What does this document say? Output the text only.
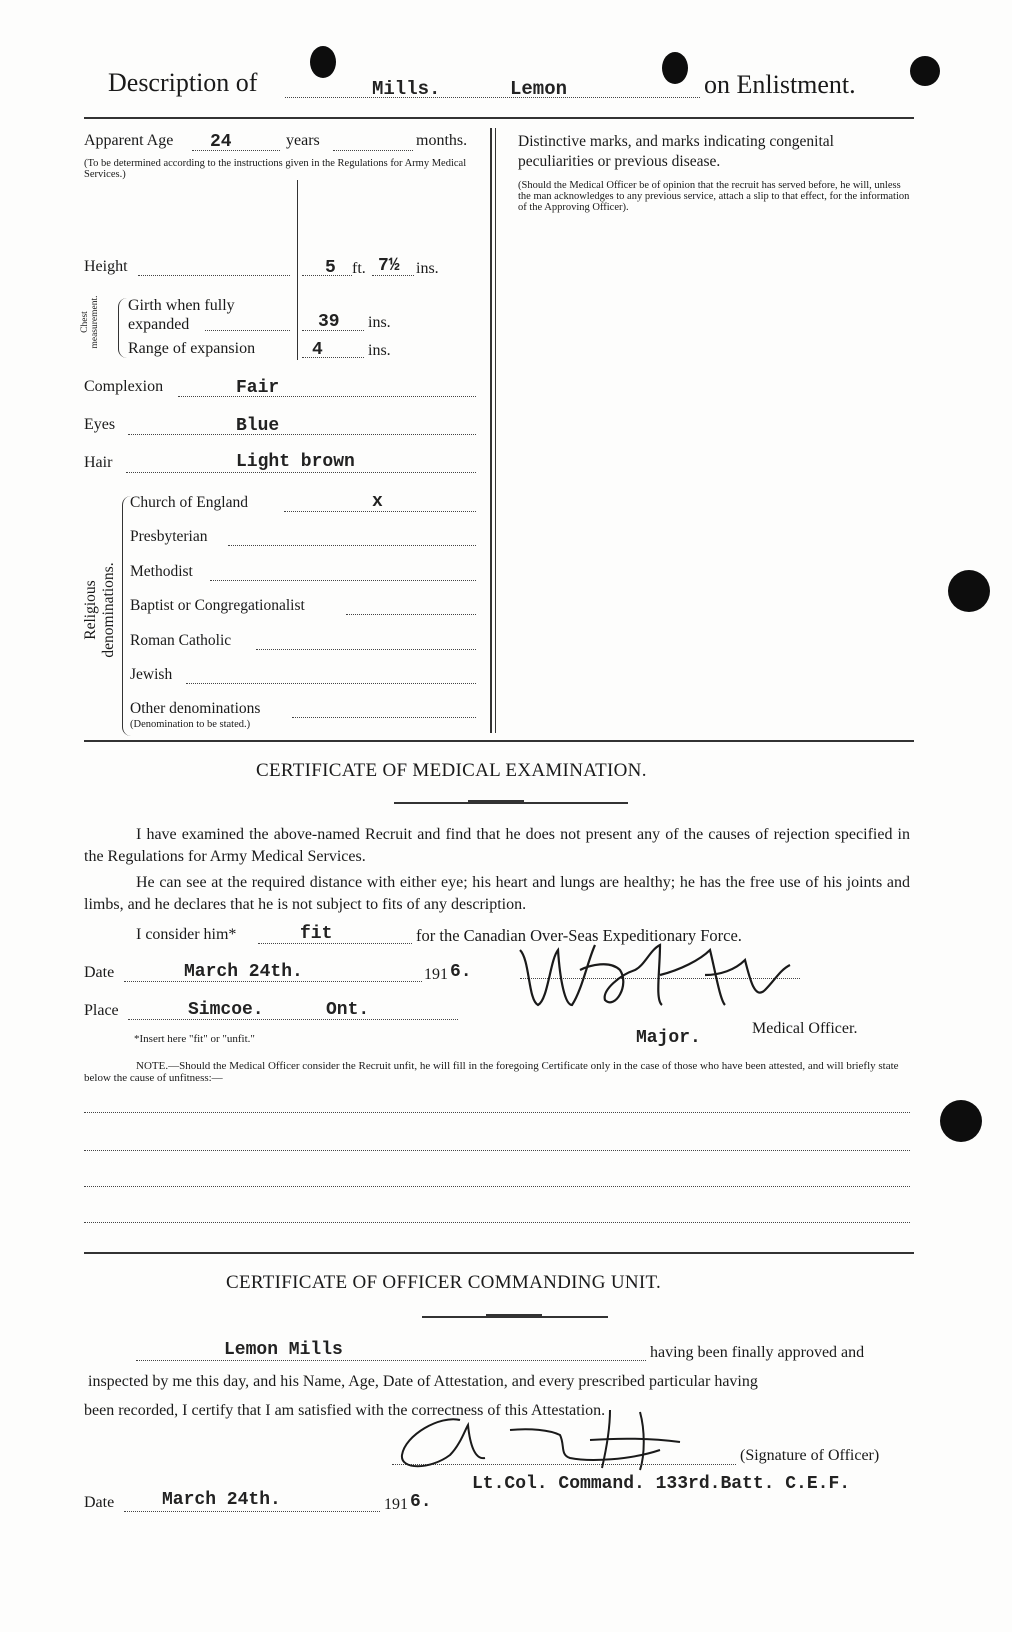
Description of	Mills.	Lemon	on Enlistment.
Apparent Age 24	years	months.
(To be determined according to the instructions given in the Regulations for Army Medical Services.)
Height	5 ft. 7½ ins.
Chest measurement. Girth when fully expanded	39 ins.
Range of expansion	4	ins.
Complexion	Fair
Eyes	Blue
Hair	Light brown
Religious denominations.
Church of England	x
Presbyterian
Methodist
Baptist or Congregationalist
Roman Catholic
Jewish
Other denominations
(Denomination to be stated.)
Distinctive marks, and marks indicating congenital peculiarities or previous disease.
(Should the Medical Officer be of opinion that the recruit has served before, he will, unless the man acknowledges to any previous service, attach a slip to that effect, for the information of the Approving Officer).
CERTIFICATE OF MEDICAL EXAMINATION.
I have examined the above-named Recruit and find that he does not present any of the causes of rejection specified in the Regulations for Army Medical Services.
He can see at the required distance with either eye; his heart and lungs are healthy; he has the free use of his joints and limbs, and he declares that he is not subject to fits of any description.
I consider him*	fit	for the Canadian Over-Seas Expeditionary Force.
Date	March 24th.	191 6.
Place	Simcoe.	Ont.
*Insert here "fit" or "unfit."	Major.	Medical Officer.
NOTE.—Should the Medical Officer consider the Recruit unfit, he will fill in the foregoing Certificate only in the case of those who have been attested, and will briefly state below the cause of unfitness:—
CERTIFICATE OF OFFICER COMMANDING UNIT.
Lemon Mills	having been finally approved and
inspected by me this day, and his Name, Age, Date of Attestation, and every prescribed particular having
been recorded, I certify that I am satisfied with the correctness of this Attestation.
(Signature of Officer)
Lt.Col. Command. 133rd.Batt. C.E.F.
Date	March 24th.	191 6.
